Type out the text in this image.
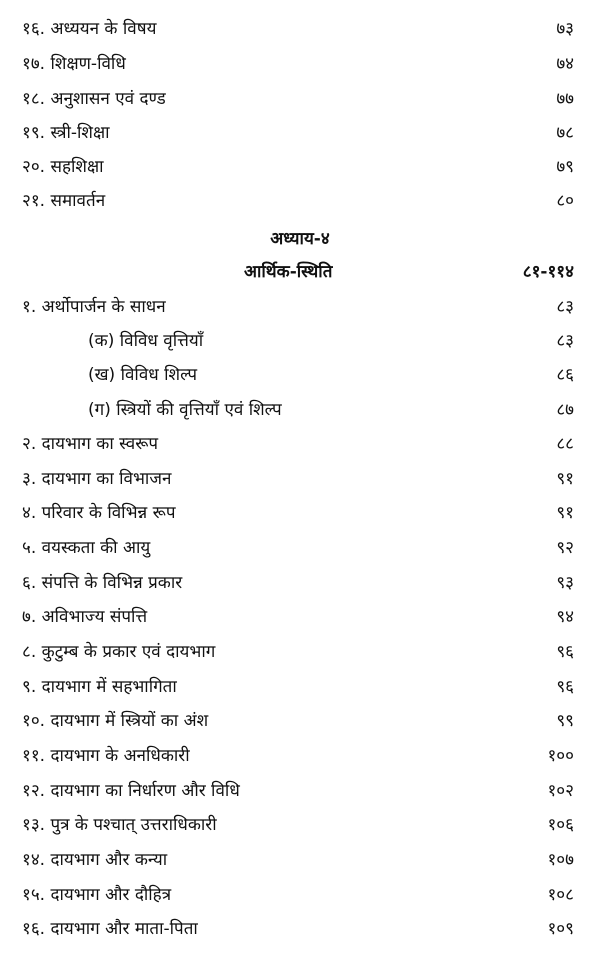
१६. अध्ययन के विषय	७३
१७. शिक्षण-विधि	७४
१८. अनुशासन एवं दण्ड	७७
१९. स्त्री-शिक्षा	७८
२०. सहशिक्षा	७९
२१. समावर्तन	८०
अध्याय-४
आर्थिक-स्थिति	८१-११४
१. अर्थोपार्जन के साधन	८३
(क) विविध वृत्तियाँ	८३
(ख) विविध शिल्प	८६
(ग) स्त्रियों की वृत्तियाँ एवं शिल्प	८७
२. दायभाग का स्वरूप	८८
३. दायभाग का विभाजन	९१
४. परिवार के विभिन्न रूप	९१
५. वयस्कता की आयु	९२
६. संपत्ति के विभिन्न प्रकार	९३
७. अविभाज्य संपत्ति	९४
८. कुटुम्ब के प्रकार एवं दायभाग	९६
९. दायभाग में सहभागिता	९६
१०. दायभाग में स्त्रियों का अंश	९९
११. दायभाग के अनधिकारी	१००
१२. दायभाग का निर्धारण और विधि	१०२
१३. पुत्र के पश्चात् उत्तराधिकारी	१०६
१४. दायभाग और कन्या	१०७
१५. दायभाग और दौहित्र	१०८
१६. दायभाग और माता-पिता	१०९
